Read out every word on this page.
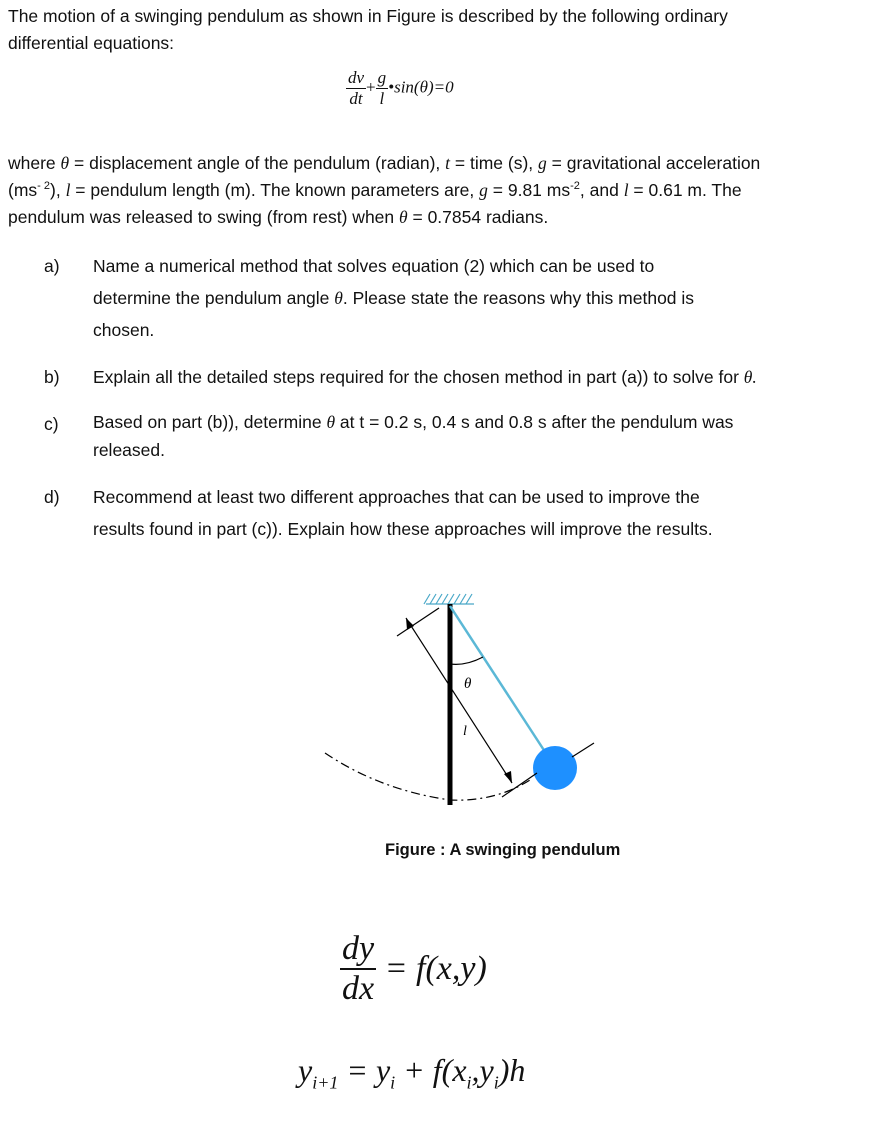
The motion of a swinging pendulum as shown in Figure is described by the following ordinary
differential equations:
$\frac{dv}{dt} + \frac{g}{l}$ •sin(θ)=0
where θ = displacement angle of the pendulum (radian), t = time (s), g = gravitational acceleration
$(ms^{- 2})$, l = pendulum length (m). The known parameters are, g = 9.81 $ms^{-2}$, and l = 0.61 m. The
pendulum was released to swing (from rest) when θ = 0.7854 radians.
a) Name a numerical method that solves equation (2) which can be used to
determine the pendulum angle θ. Please state the reasons why this method is
chosen.
b) Explain all the detailed steps required for the chosen method in part (a)) to solve for θ.
c) Based on part (b)), determine θ at t = 0.2 s, 0.4 s and 0.8 s after the pendulum was
released.
d) Recommend at least two different approaches that can be used to improve the
results found in part (c)). Explain how these approaches will improve the results.
θ
l
Figure : A swinging pendulum
$\frac{dy}{dx} = f(x,y)$
$y_{i+1} = y_i + f(x_i,y_i)h$
